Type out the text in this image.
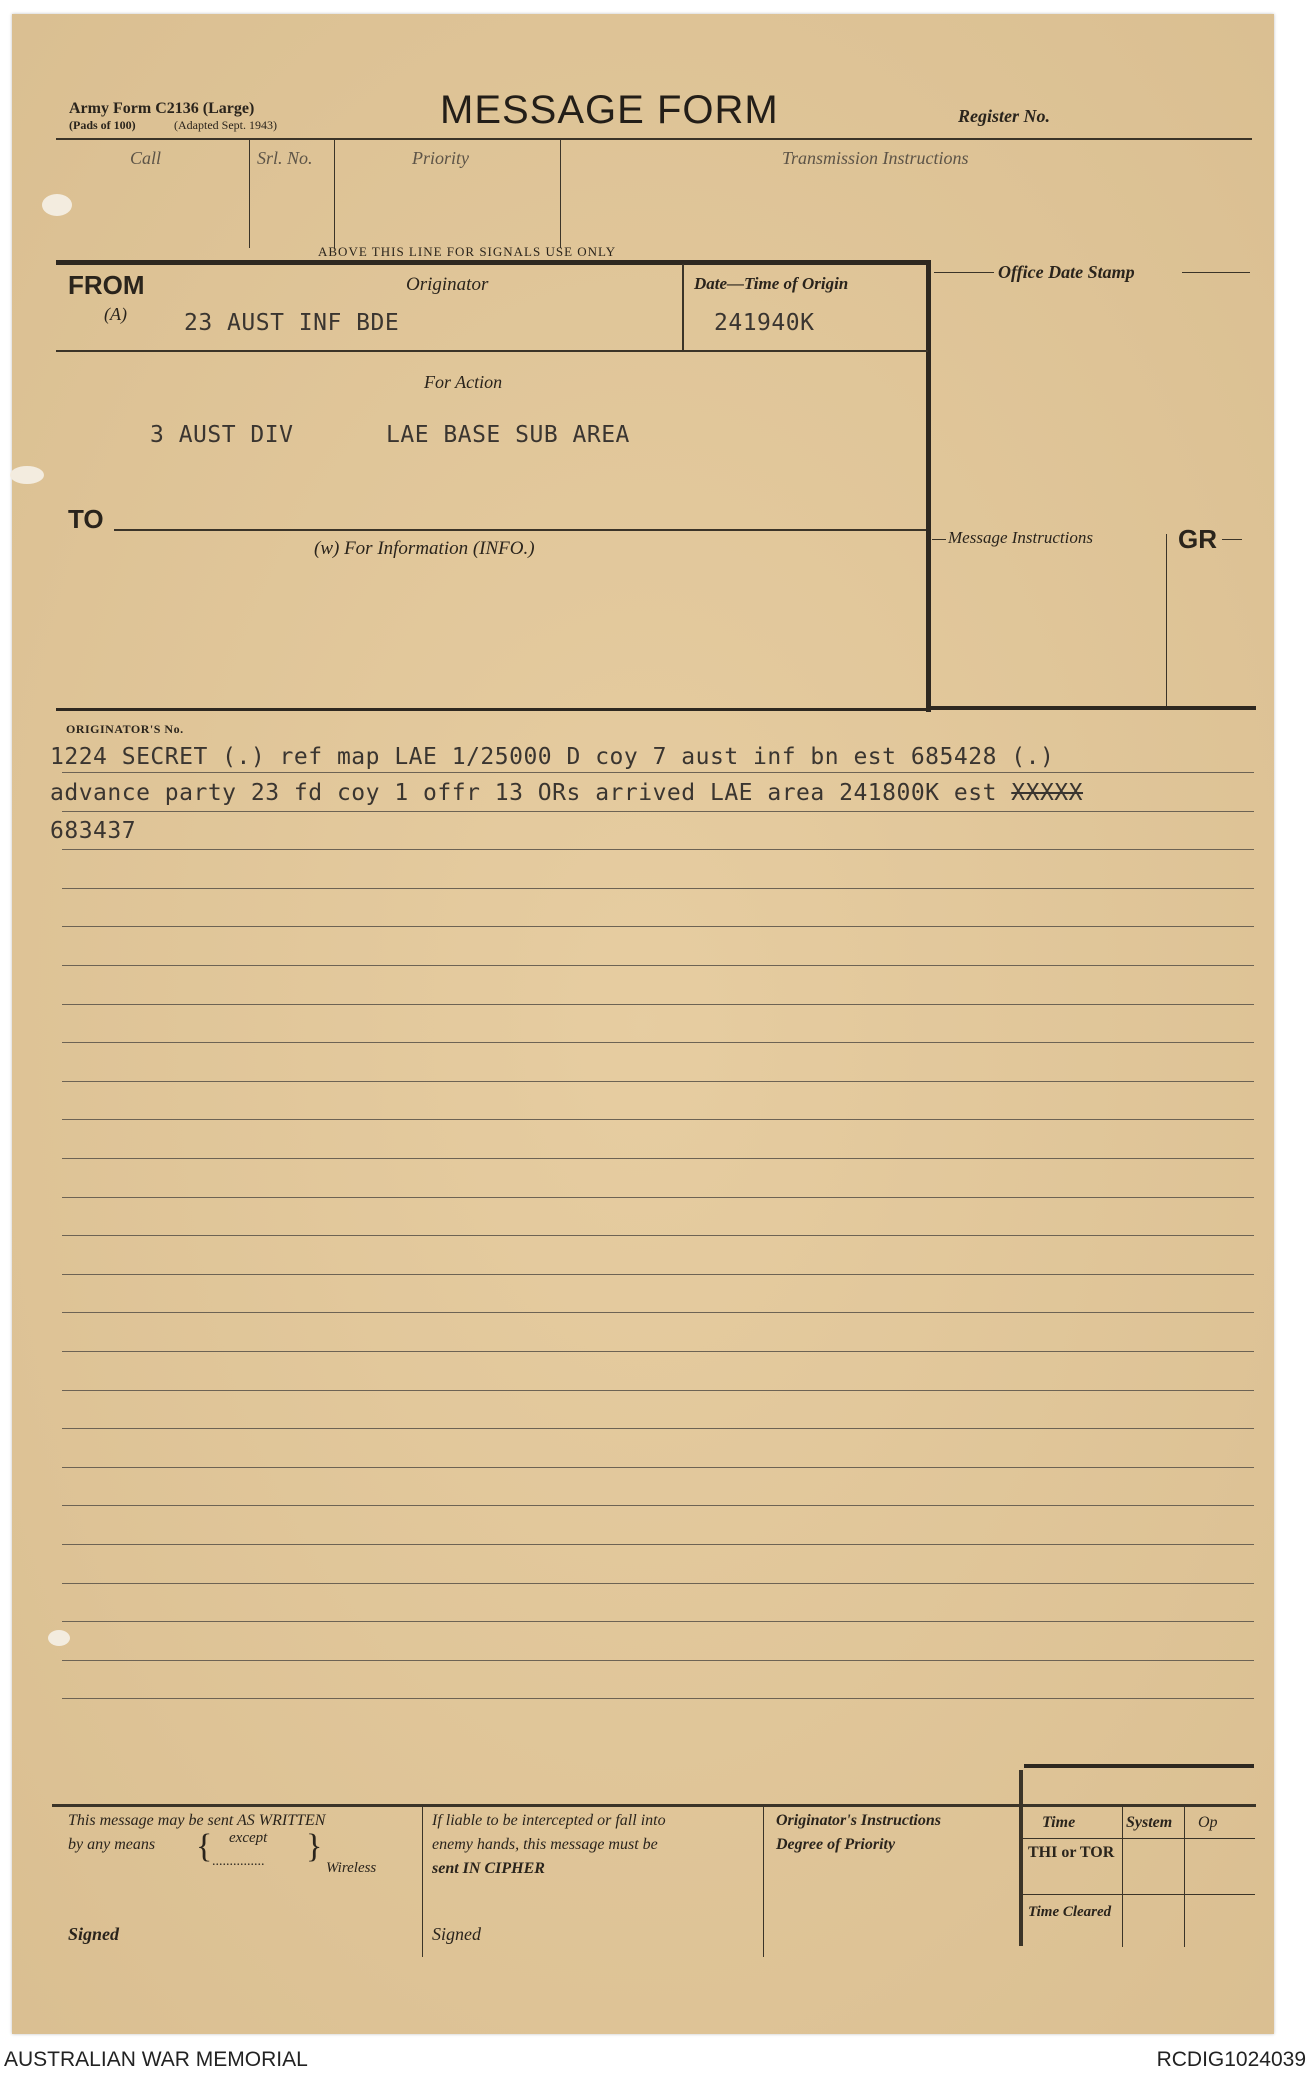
Army Form C2136 (Large)
(Pads of 100)	(Adapted Sept. 1943)	MESSAGE FORM	Register No.
Call	Srl. No.	Priority	Transmission Instructions
ABOVE THIS LINE FOR SIGNALS USE ONLY
FROM
(A)
Originator
23 AUST INF BDE
Date—Time of Origin
241940K
Office Date Stamp
For Action
3 AUST DIV	LAE BASE SUB AREA
TO
(w) For Information (INFO.)
Message Instructions	GR
ORIGINATOR'S No.
1224 SECRET (.) ref map LAE 1/25000 D coy 7 aust inf bn est 685428 (.)
advance party 23 fd coy 1 offr 13 ORs arrived LAE area 241800K est XXXXX
683437
This message may be sent AS WRITTEN
by any means { except
............... }
Wireless
Signed
If liable to be intercepted or fall into
enemy hands, this message must be
sent IN CIPHER
Signed
Originator's Instructions
Degree of Priority
Time	System Op
THI or TOR
Time Cleared
AUSTRALIAN WAR MEMORIAL	RCDIG1024039
